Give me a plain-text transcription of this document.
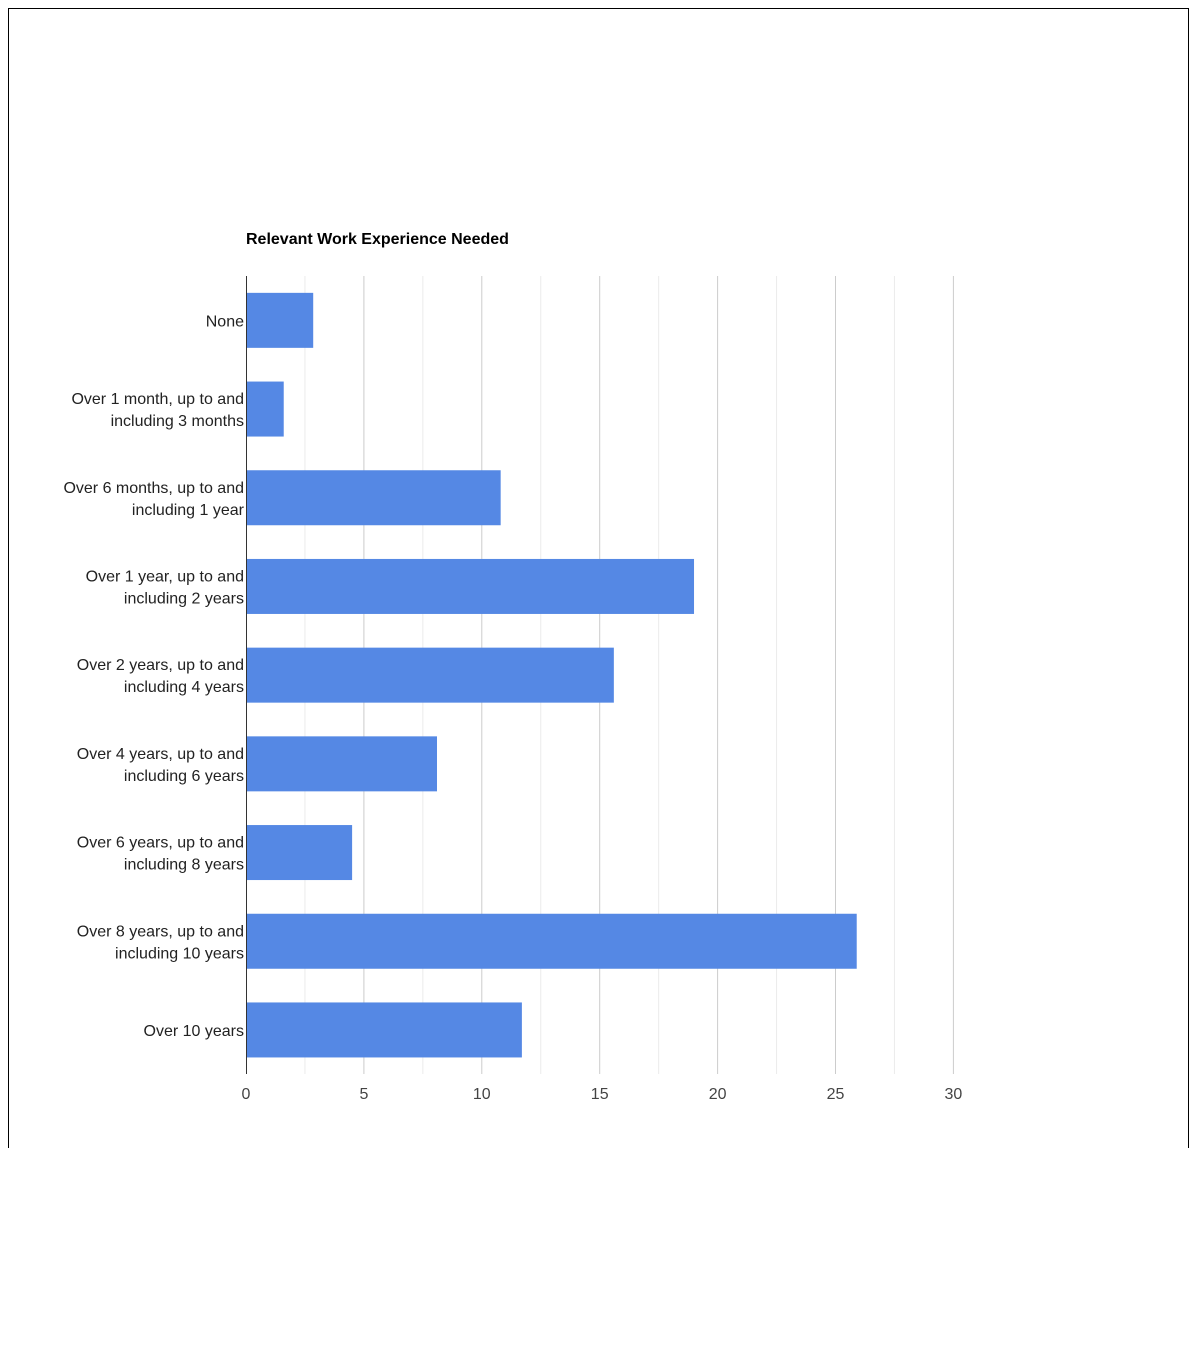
None
Over 1 month, up to and
including 3 months
Over 6 months, up to and
including 1 year
Over 1 year, up to and
including 2 years
Over 2 years, up to and
including 4 years
Over 4 years, up to and
including 6 years
Over 6 years, up to and
including 8 years
Over 8 years, up to and
including 10 years
Over 10 years
0	5	10	15	20	25	30
Relevant Work Experience Needed
